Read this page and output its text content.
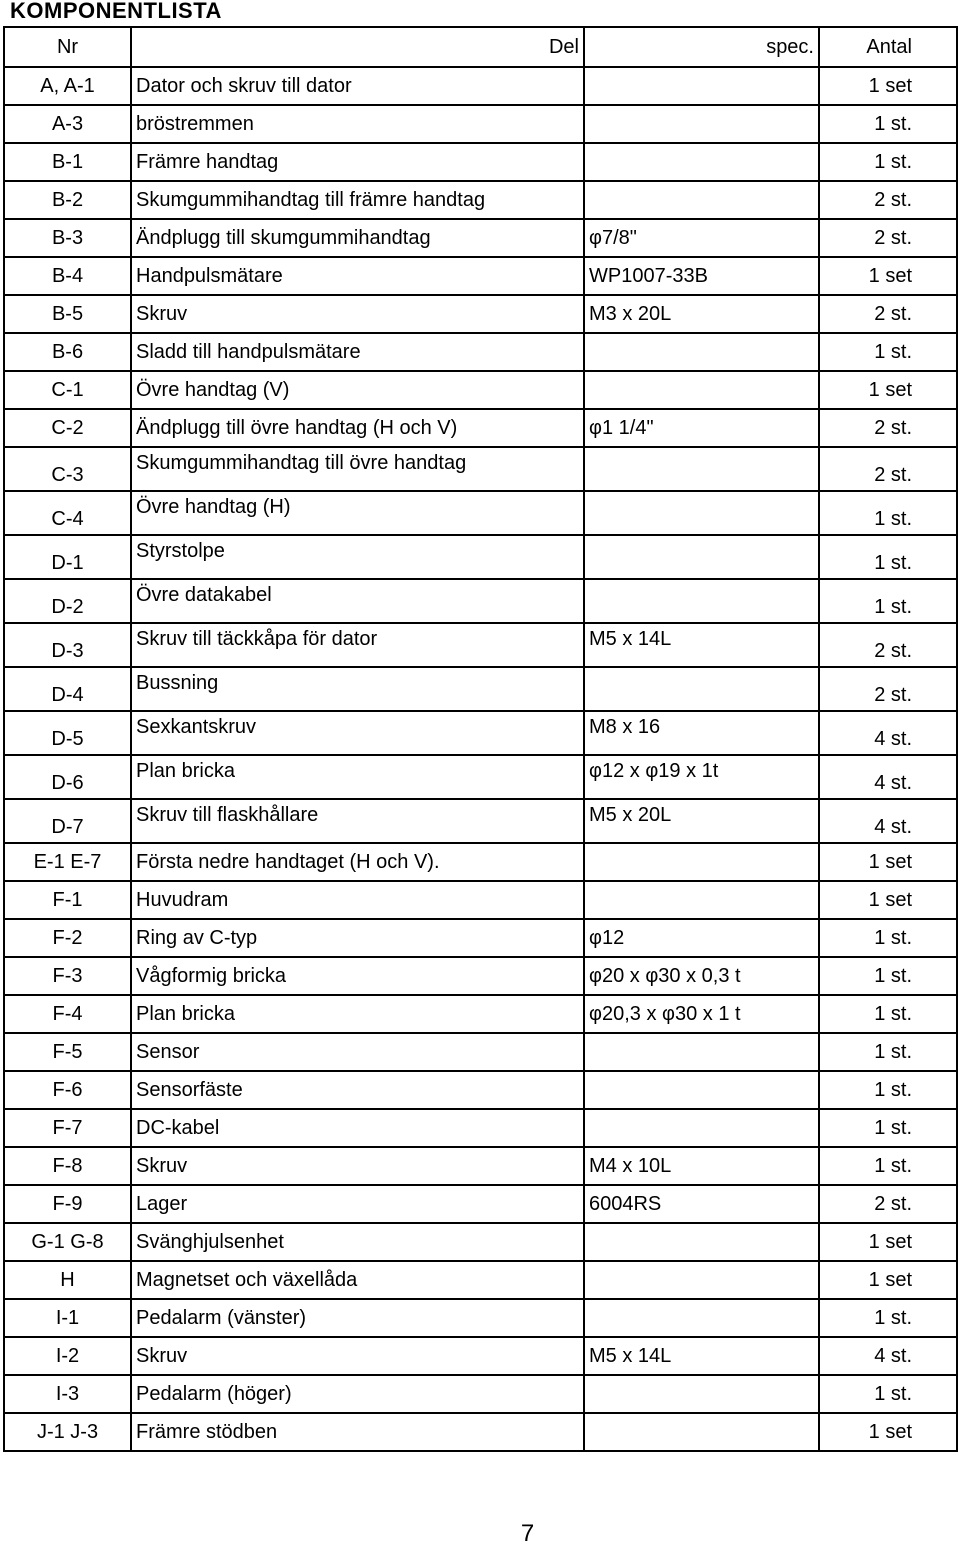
KOMPONENTLISTA
Nr	Del	spec.	Antal
A, A-1	Dator och skruv till dator		1 set
A-3	bröstremmen		1 st.
B-1	Främre handtag		1 st.
B-2	Skumgummihandtag till främre handtag		2 st.
B-3	Ändplugg till skumgummihandtag	φ7/8"	2 st.
B-4	Handpulsmätare	WP1007-33B	1 set
B-5	Skruv	M3 x 20L	2 st.
B-6	Sladd till handpulsmätare		1 st.
C-1	Övre handtag (V)		1 set
C-2	Ändplugg till övre handtag (H och V)	φ1 1/4"	2 st.
C-3	Skumgummihandtag till övre handtag		2 st.
C-4	Övre handtag (H)		1 st.
D-1	Styrstolpe		1 st.
D-2	Övre datakabel		1 st.
D-3	Skruv till täckkåpa för dator	M5 x 14L	2 st.
D-4	Bussning		2 st.
D-5	Sexkantskruv	M8 x 16	4 st.
D-6	Plan bricka	φ12 x φ19 x 1t	4 st.
D-7	Skruv till flaskhållare	M5 x 20L	4 st.
E-1 E-7	Första nedre handtaget (H och V).		1 set
F-1	Huvudram		1 set
F-2	Ring av C-typ	φ12	1 st.
F-3	Vågformig bricka	φ20 x φ30 x 0,3 t	1 st.
F-4	Plan bricka	φ20,3 x φ30 x 1 t	1 st.
F-5	Sensor		1 st.
F-6	Sensorfäste		1 st.
F-7	DC-kabel		1 st.
F-8	Skruv	M4 x 10L	1 st.
F-9	Lager	6004RS	2 st.
G-1 G-8	Svänghjulsenhet		1 set
H	Magnetset och växellåda		1 set
I-1	Pedalarm (vänster)		1 st.
I-2	Skruv	M5 x 14L	4 st.
I-3	Pedalarm (höger)		1 st.
J-1 J-3	Främre stödben		1 set
7
